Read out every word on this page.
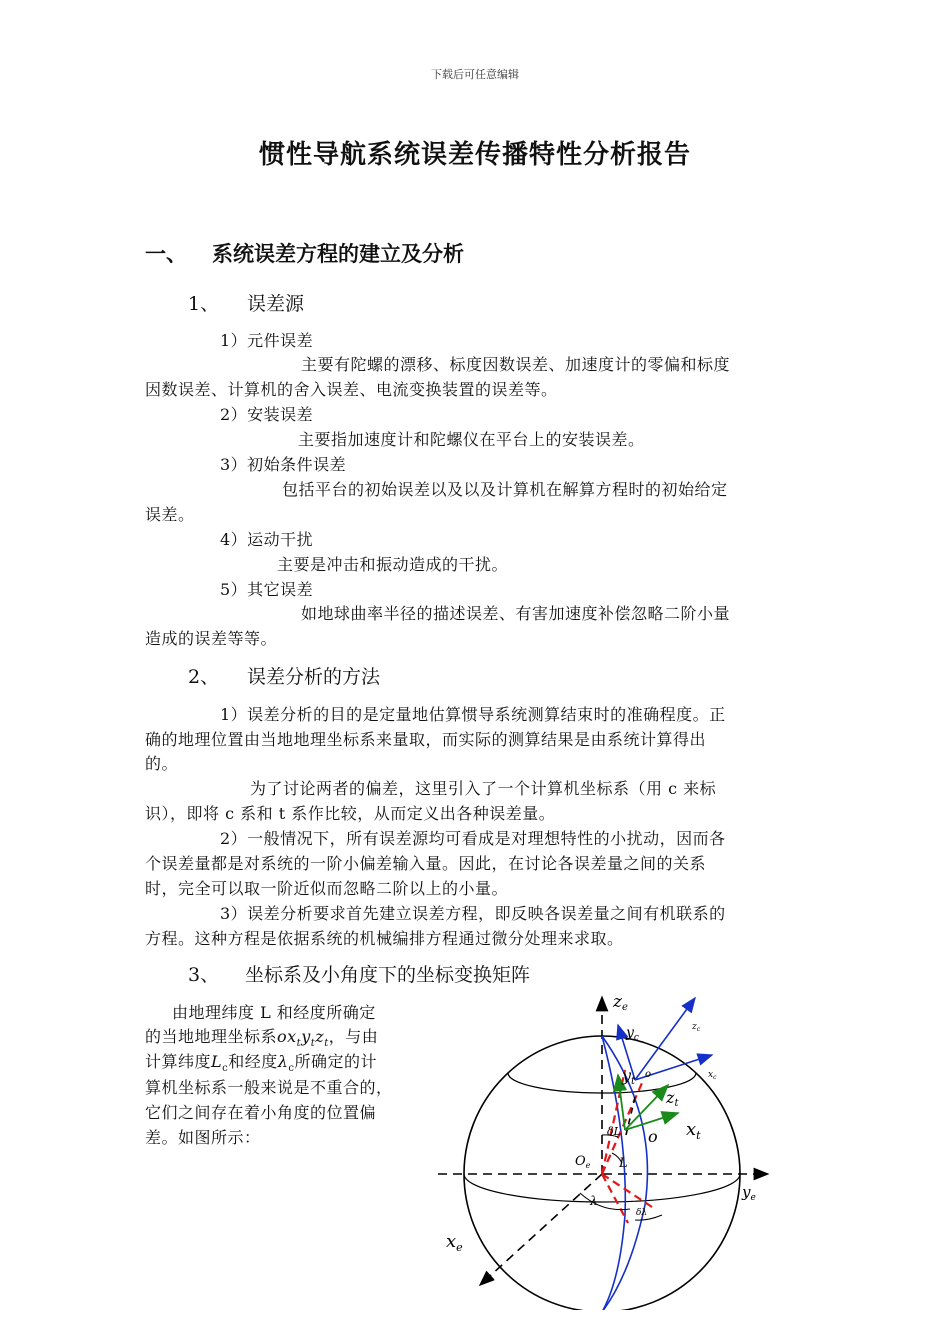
下载后可任意编辑
惯性导航系统误差传播特性分析报告
一、 系统误差方程的建立及分析
1、 误差源
1）元件误差
主要有陀螺的漂移、标度因数误差、加速度计的零偏和标度
因数误差、计算机的舍入误差、电流变换装置的误差等。
2）安装误差
主要指加速度计和陀螺仪在平台上的安装误差。
3）初始条件误差
包括平台的初始误差以及以及计算机在解算方程时的初始给定
误差。
4）运动干扰
主要是冲击和振动造成的干扰。
5）其它误差
如地球曲率半径的描述误差、有害加速度补偿忽略二阶小量
造成的误差等等。
2、 误差分析的方法
1）误差分析的目的是定量地估算惯导系统测算结束时的准确程度。正
确的地理位置由当地地理坐标系来量取，而实际的测算结果是由系统计算得出
的。
为了讨论两者的偏差，这里引入了一个计算机坐标系（用 c 来标
识），即将 c 系和 t 系作比较，从而定义出各种误差量。
2）一般情况下，所有误差源均可看成是对理想特性的小扰动，因而各
个误差量都是对系统的一阶小偏差输入量。因此，在讨论各误差量之间的关系
时，完全可以取一阶近似而忽略二阶以上的小量。
3）误差分析要求首先建立误差方程，即反映各误差量之间有机联系的
方程。这种方程是依据系统的机械编排方程通过微分处理来求取。
3、 坐标系及小角度下的坐标变换矩阵
由地理纬度 L 和经度所确定
的当地地理坐标系$ox_ty_tz_t$，与由
计算纬度$L_c$和经度$\lambda_c$所确定的计
算机坐标系一般来说是不重合的，
它们之间存在着小角度的位置偏
差。如图所示：
ze
$y_c$
$z_c$
$x_c$
o
yt
zt
$x_t$
o
δL
$O_e$ L
λ
δλ
$y_e$
$x_e$
